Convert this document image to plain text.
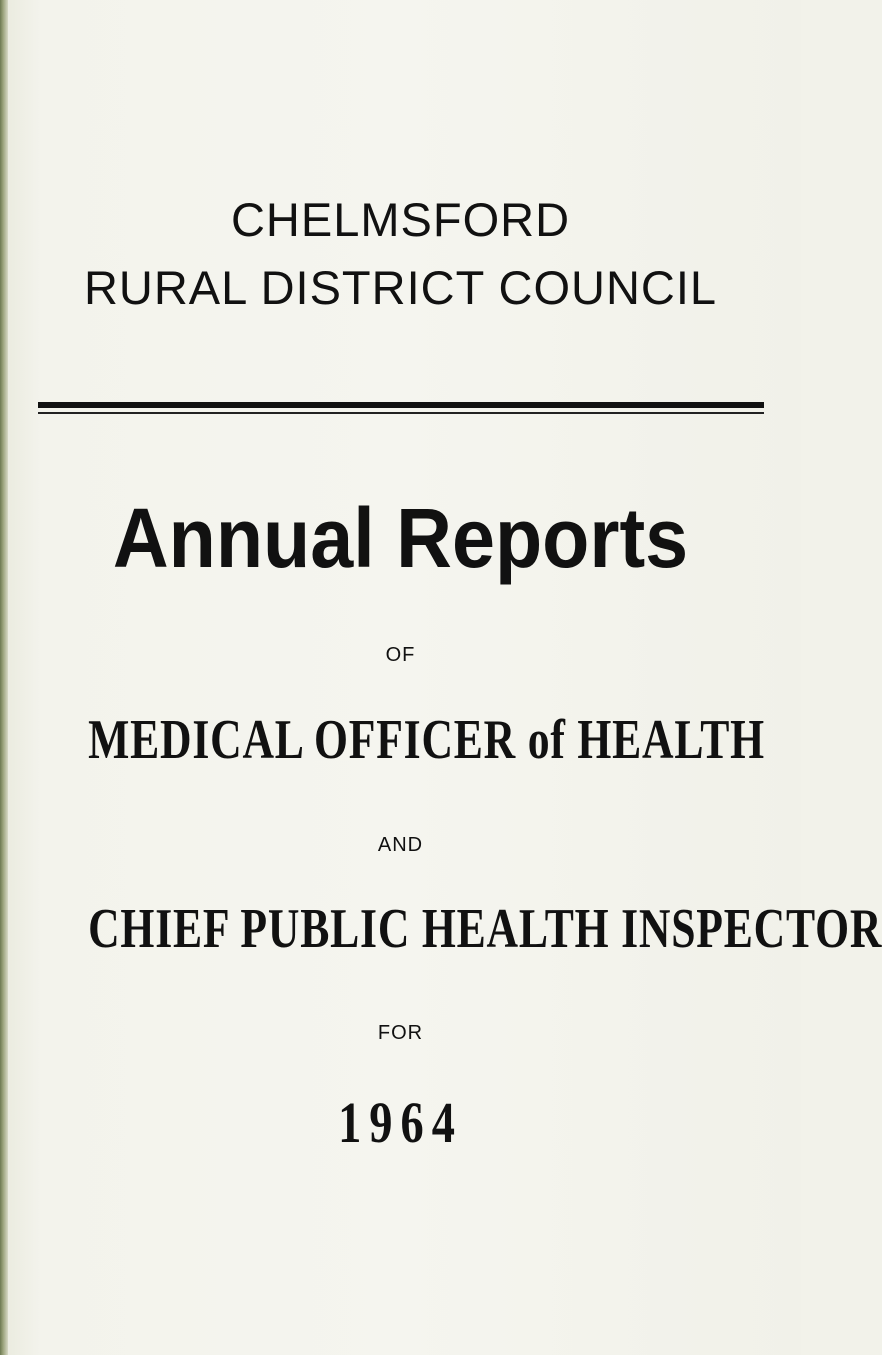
CHELMSFORD
RURAL DISTRICT COUNCIL
Annual Reports
OF
MEDICAL OFFICER of HEALTH
AND
CHIEF PUBLIC HEALTH INSPECTOR
FOR
1964
